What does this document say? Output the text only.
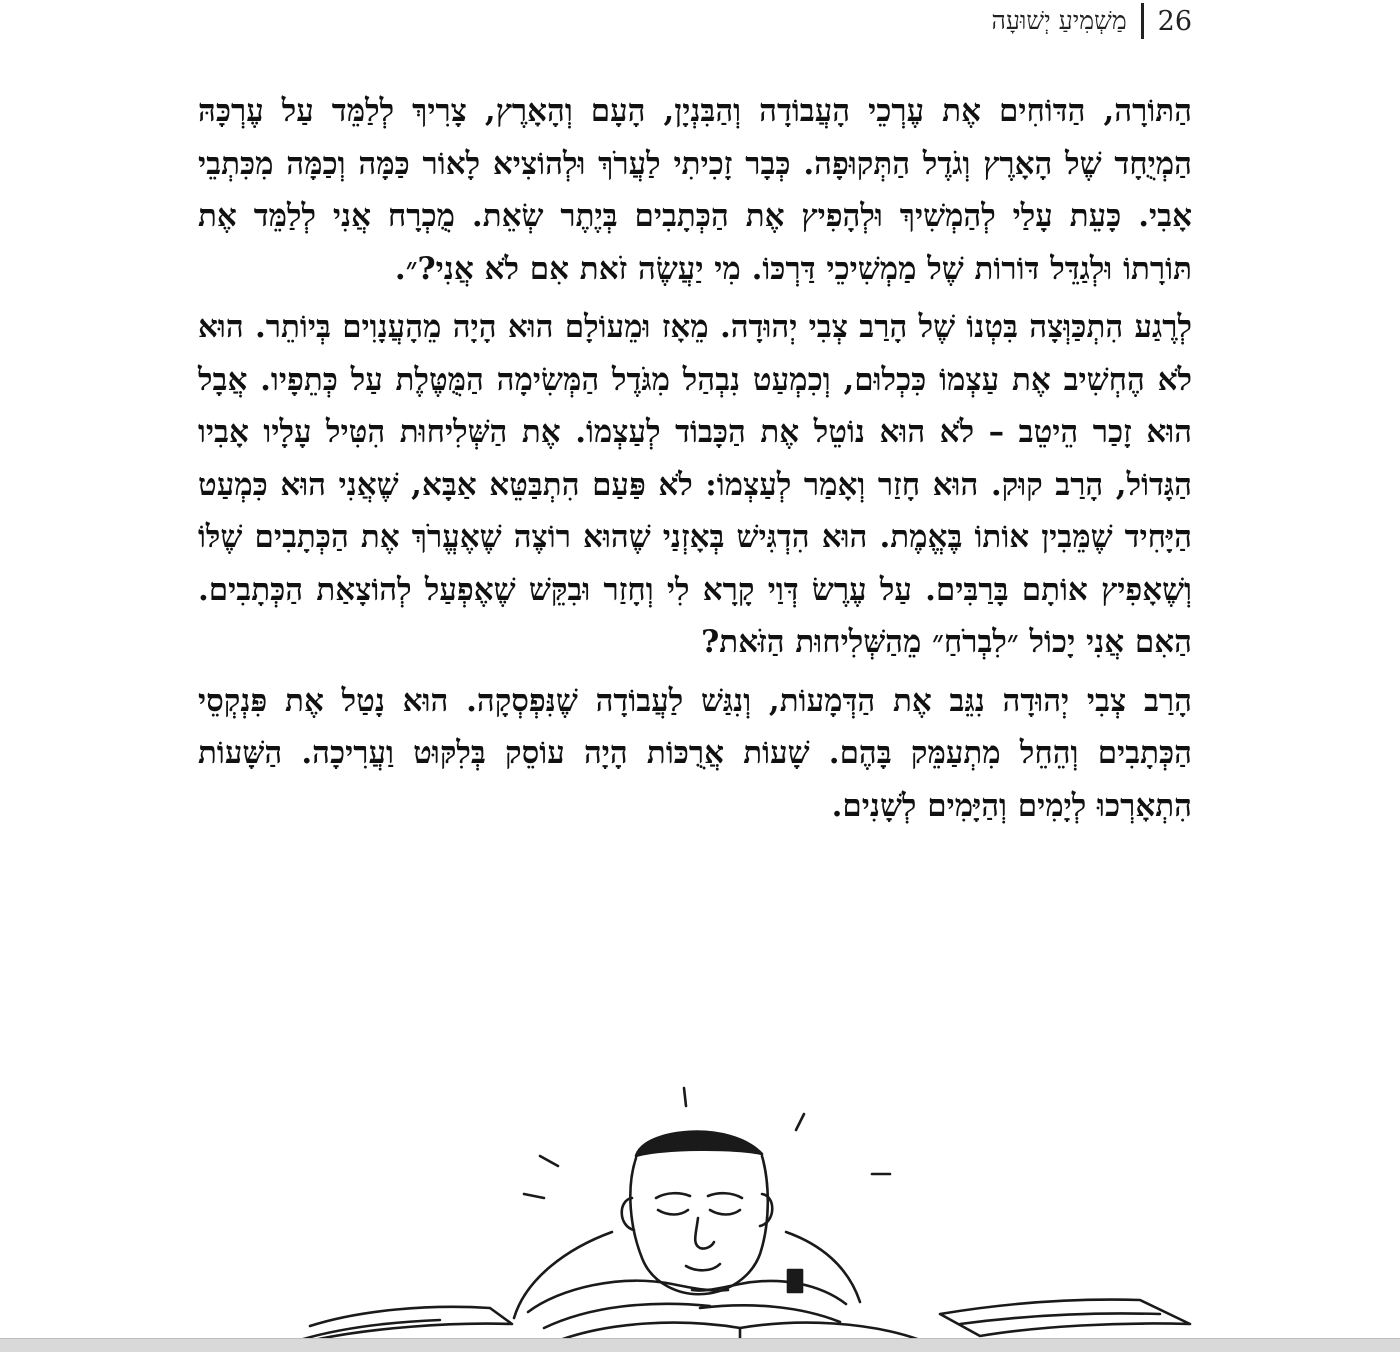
26
מַשְׁמִיעַ יְשׁוּעָה

הַתּוֹרָה, הַדּוֹחִים אֶת עֶרְכֵי הָעֲבוֹדָה וְהַבִּנְיָן, הָעָם וְהָאָרֶץ, צָרִיךְ לְלַמֵּד עַל עֶרְכָּהּ הַמְיֻחָד שֶׁל הָאָרֶץ וְגֹדֶל הַתְּקוּפָה. כְּבָר זָכִיתִי לַעֲרֹךְ וּלְהוֹצִיא לָאוֹר כַּמָּה וְכַמָּה מִכִּתְבֵי אָבִי. כָּעֵת עָלַי לְהַמְשִׁיךְ וּלְהָפִיץ אֶת הַכְּתָבִים בְּיֶתֶר שְׂאֵת. מֻכְרָח אֲנִי לְלַמֵּד אֶת תּוֹרָתוֹ וּלְגַדֵּל דּוֹרוֹת שֶׁל מַמְשִׁיכֵי דַּרְכּוֹ. מִי יַעֲשֶׂה זֹאת אִם לֹא אֲנִי?״.

לְרֶגַע הִתְכַּוְּצָה בִּטְנוֹ שֶׁל הָרַב צְבִי יְהוּדָה. מֵאָז וּמֵעוֹלָם הוּא הָיָה מֵהָעֲנָוִים בְּיוֹתֵר. הוּא לֹא הֶחְשִׁיב אֶת עַצְמוֹ כִּכְלוּם, וְכִמְעַט נִבְהַל מִגֹּדֶל הַמְּשִׂימָה הַמֻּטֶּלֶת עַל כְּתֵפָיו. אֲבָל הוּא זָכַר הֵיטֵב – לֹא הוּא נוֹטֵל אֶת הַכָּבוֹד לְעַצְמוֹ. אֶת הַשְּׁלִיחוּת הִטִּיל עָלָיו אָבִיו הַגָּדוֹל, הָרַב קוּק. הוּא חָזַר וְאָמַר לְעַצְמוֹ: לֹא פַּעַם הִתְבַּטֵּא אַבָּא, שֶׁאֲנִי הוּא כִּמְעַט הַיָּחִיד שֶׁמֵּבִין אוֹתוֹ בֶּאֱמֶת. הוּא הִדְגִּישׁ בְּאָזְנַי שֶׁהוּא רוֹצֶה שֶׁאֶעֱרֹךְ אֶת הַכְּתָבִים שֶׁלּוֹ וְשֶׁאָפִיץ אוֹתָם בָּרַבִּים. עַל עֶרֶשׂ דְּוַי קָרָא לִי וְחָזַר וּבִקֵּשׁ שֶׁאֶפְעַל לְהוֹצָאַת הַכְּתָבִים. הַאִם אֲנִי יָכוֹל ״לִבְרֹחַ״ מֵהַשְּׁלִיחוּת הַזֹּאת?

הָרַב צְבִי יְהוּדָה נִגֵּב אֶת הַדְּמָעוֹת, וְנִגַּשׁ לַעֲבוֹדָה שֶׁנִּפְסְקָה. הוּא נָטַל אֶת פִּנְקְסֵי הַכְּתָבִים וְהֵחֵל מִתְעַמֵּק בָּהֶם. שָׁעוֹת אֲרֻכּוֹת הָיָה עוֹסֵק בְּלִקּוּט וַעֲרִיכָה. הַשָּׁעוֹת הִתְאָרְכוּ לְיָמִים וְהַיָּמִים לְשָׁנִים.
